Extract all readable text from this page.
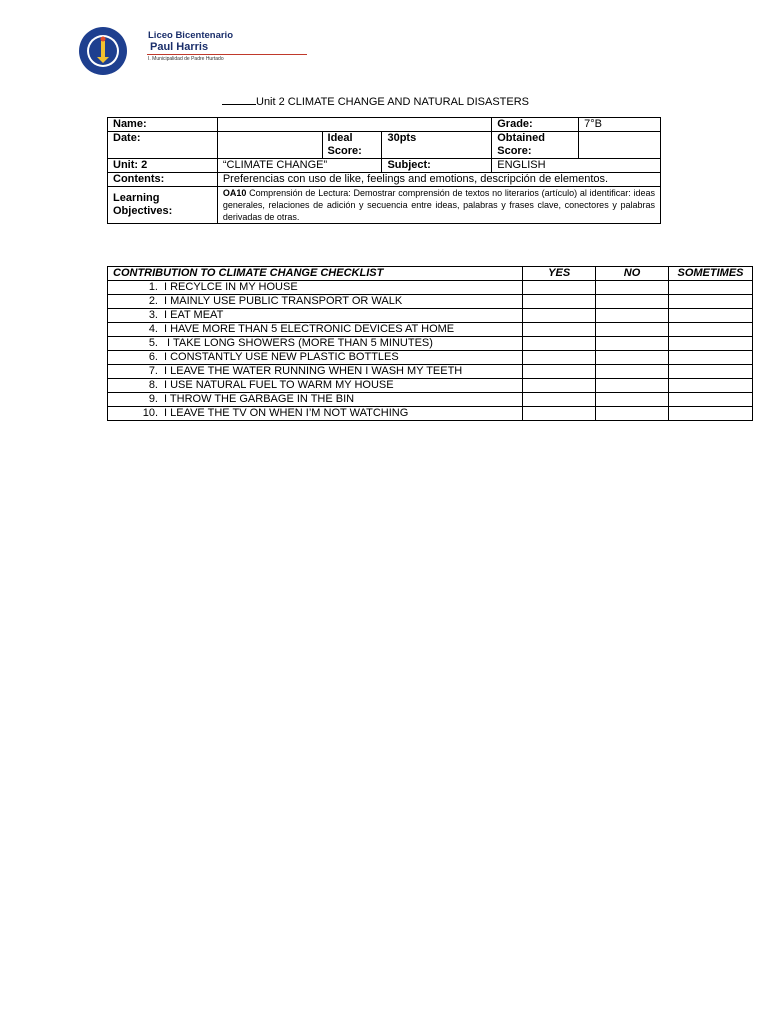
Liceo Bicentenario
Paul Harris
I. Municipalidad de Padre Hurtado
Unit 2 CLIMATE CHANGE AND NATURAL DISASTERS
Name:				Grade:	7°B
Date:		Ideal Score:	30pts	Obtained Score:	
Unit: 2	“CLIMATE CHANGE”		Subject:	ENGLISH	
Contents:	Preferencias con uso de like, feelings and emotions, descripción de elementos.				
Learning Objectives:	OA10 Comprensión de Lectura: Demostrar comprensión de textos no literarios (artículo) al identificar: ideas generales, relaciones de adición y secuencia entre ideas, palabras y frases clave, conectores y palabras derivadas de otras.				
CONTRIBUTION TO CLIMATE CHANGE CHECKLIST	YES	NO	SOMETIMES
1. I RECYLCE IN MY HOUSE			
2. I MAINLY USE PUBLIC TRANSPORT OR WALK			
3. I EAT MEAT			
4. I HAVE MORE THAN 5 ELECTRONIC DEVICES AT HOME			
5. I TAKE LONG SHOWERS (MORE THAN 5 MINUTES)			
6. I CONSTANTLY USE NEW PLASTIC BOTTLES			
7. I LEAVE THE WATER RUNNING WHEN I WASH MY TEETH			
8. I USE NATURAL FUEL TO WARM MY HOUSE			
9. I THROW THE GARBAGE IN THE BIN			
10. I LEAVE THE TV ON WHEN I’M NOT WATCHING			
